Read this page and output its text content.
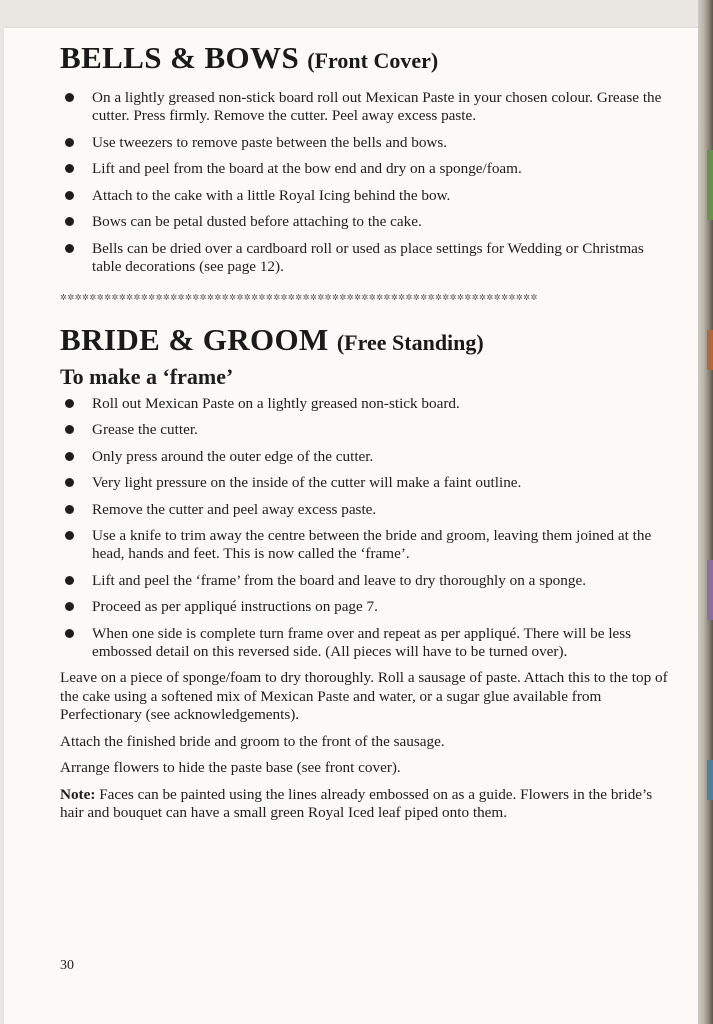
BELLS & BOWS (Front Cover)
On a lightly greased non-stick board roll out Mexican Paste in your chosen colour. Grease the cutter. Press firmly. Remove the cutter. Peel away excess paste.
Use tweezers to remove paste between the bells and bows.
Lift and peel from the board at the bow end and dry on a sponge/foam.
Attach to the cake with a little Royal Icing behind the bow.
Bows can be petal dusted before attaching to the cake.
Bells can be dried over a cardboard roll or used as place settings for Wedding or Christmas table decorations (see page 12).
✲✲✲✲✲✲✲✲✲✲✲✲✲✲✲✲✲✲✲✲✲✲✲✲✲✲✲✲✲✲✲✲✲✲✲✲✲✲✲✲✲✲✲✲✲✲✲✲✲✲✲✲✲✲✲✲✲✲✲✲✲✲✲✲✲
BRIDE & GROOM (Free Standing)
To make a ‘frame’
Roll out Mexican Paste on a lightly greased non-stick board.
Grease the cutter.
Only press around the outer edge of the cutter.
Very light pressure on the inside of the cutter will make a faint outline.
Remove the cutter and peel away excess paste.
Use a knife to trim away the centre between the bride and groom, leaving them joined at the head, hands and feet. This is now called the ‘frame’.
Lift and peel the ‘frame’ from the board and leave to dry thoroughly on a sponge.
Proceed as per appliqué instructions on page 7.
When one side is complete turn frame over and repeat as per appliqué. There will be less embossed detail on this reversed side. (All pieces will have to be turned over).

Leave on a piece of sponge/foam to dry thoroughly. Roll a sausage of paste. Attach this to the top of the cake using a softened mix of Mexican Paste and water, or a sugar glue available from Perfectionary (see acknowledgements).

Attach the finished bride and groom to the front of the sausage.

Arrange flowers to hide the paste base (see front cover).

Note: Faces can be painted using the lines already embossed on as a guide. Flowers in the bride’s hair and bouquet can have a small green Royal Iced leaf piped onto them.

30
